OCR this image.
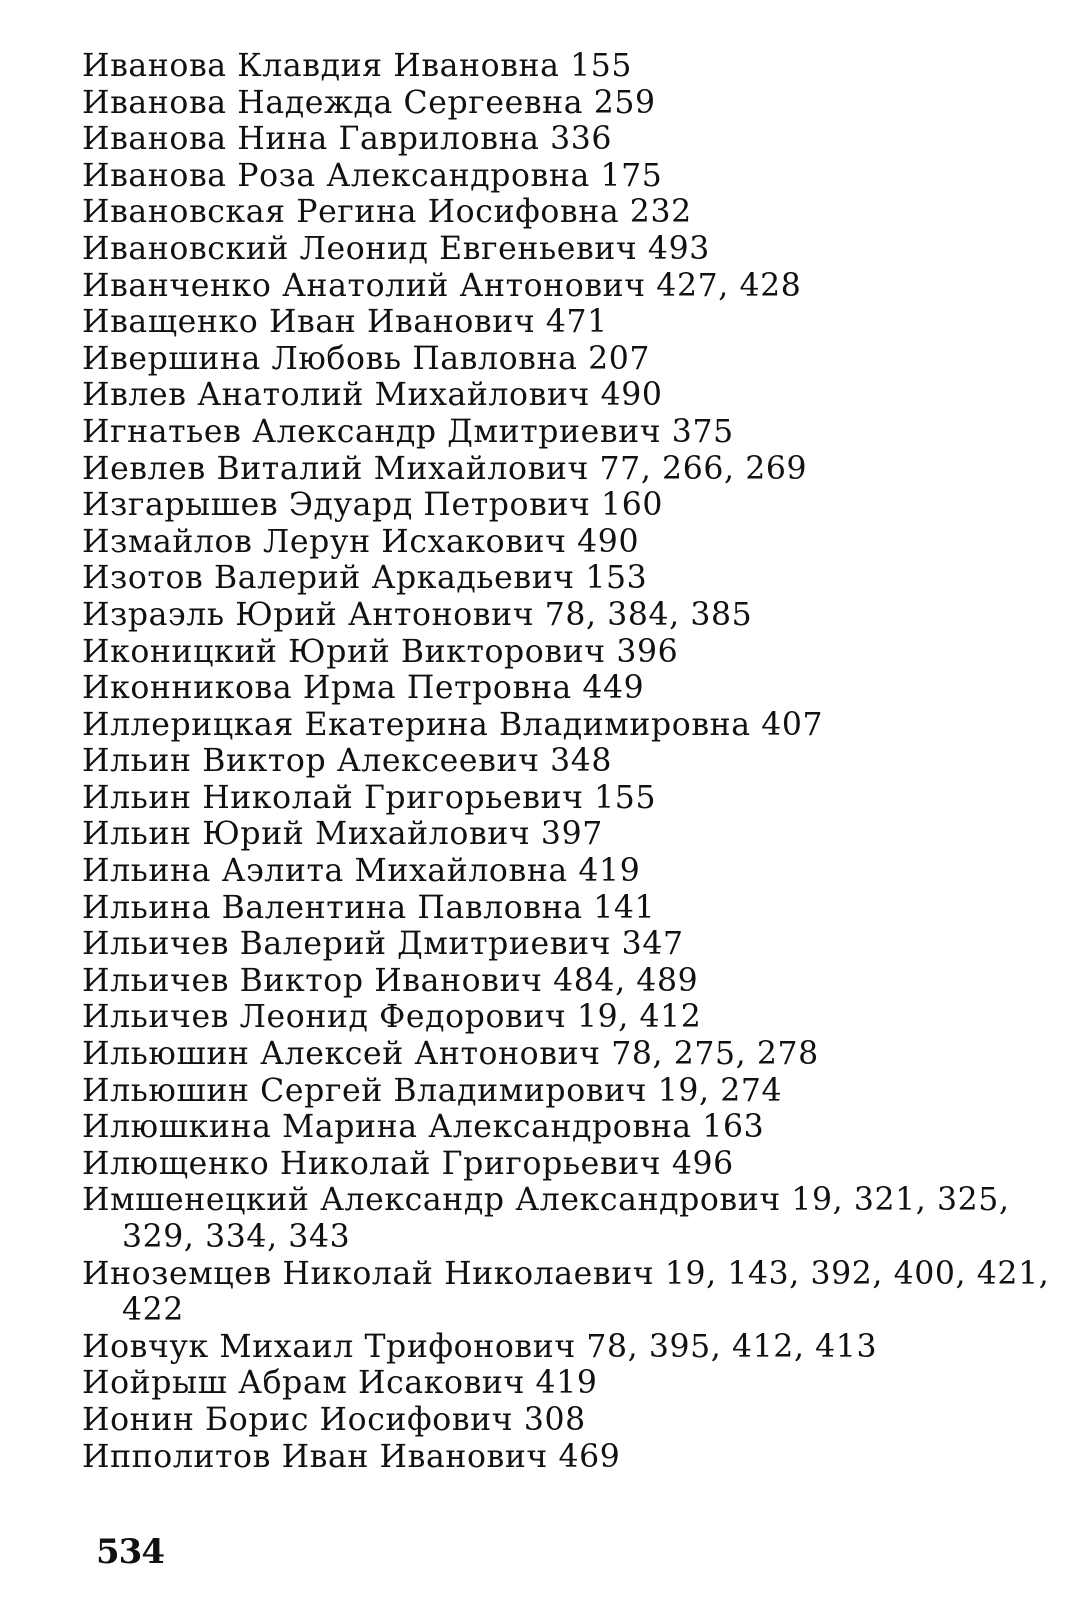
Иванова Клавдия Ивановна 155

Иванова Надежда Сергеевна 259

Иванова Нина Гавриловна 336

Иванова Роза Александровна 175

Ивановская Регина Иосифовна 232

Ивановский Леонид Евгеньевич 493

Иванченко Анатолий Антонович 427, 428

Иващенко Иван Иванович 471

Ивершина Любовь Павловна 207

Ивлев Анатолий Михайлович 490

Игнатьев Александр Дмитриевич 375

Иевлев Виталий Михайлович 77, 266, 269

Изгарышев Эдуард Петрович 160

Измайлов Лерун Исхакович 490

Изотов Валерий Аркадьевич 153

Израэль Юрий Антонович 78, 384, 385

Иконицкий Юрий Викторович 396

Иконникова Ирма Петровна 449

Иллерицкая Екатерина Владимировна 407

Ильин Виктор Алексеевич 348

Ильин Николай Григорьевич 155

Ильин Юрий Михайлович 397

Ильина Аэлита Михайловна 419

Ильина Валентина Павловна 141

Ильичев Валерий Дмитриевич 347

Ильичев Виктор Иванович 484, 489

Ильичев Леонид Федорович 19, 412

Ильюшин Алексей Антонович 78, 275, 278

Ильюшин Сергей Владимирович 19, 274

Илюшкина Марина Александровна 163

Илющенко Николай Григорьевич 496

Имшенецкий Александр Александрович 19, 321, 325, 329, 334, 343

Иноземцев Николай Николаевич 19, 143, 392, 400, 421, 422

Иовчук Михаил Трифонович 78, 395, 412, 413

Иойрыш Абрам Исакович 419

Ионин Борис Иосифович 308

Ипполитов Иван Иванович 469

534
